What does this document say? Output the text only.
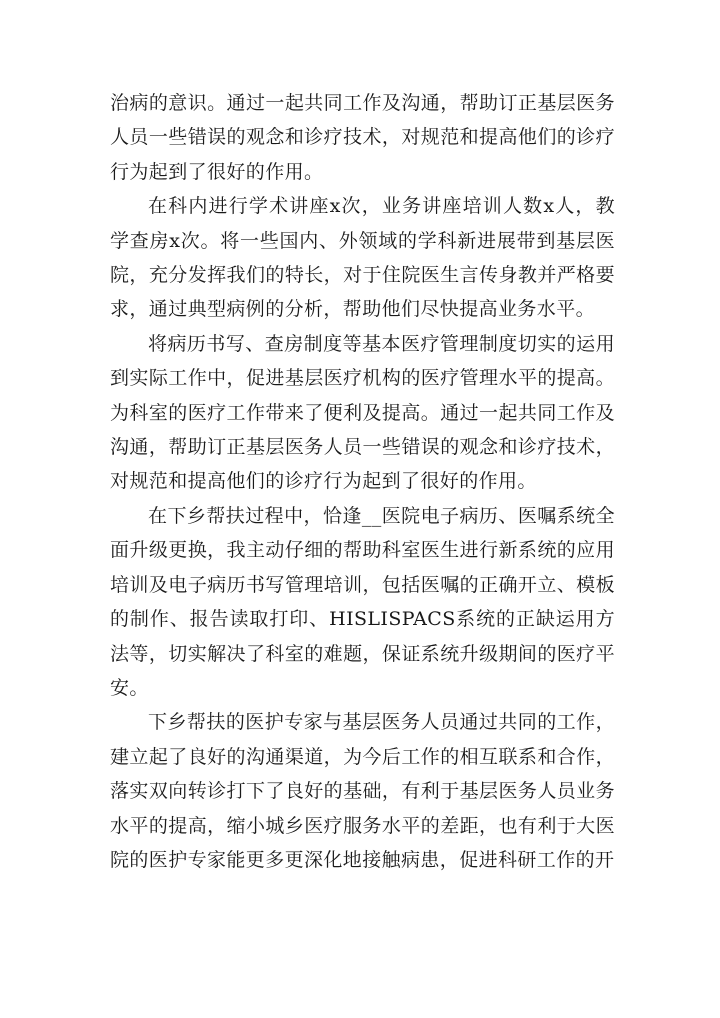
治病的意识。通过一起共同工作及沟通，帮助订正基层医务人员一些错误的观念和诊疗技术，对规范和提高他们的诊疗行为起到了很好的作用。

在科内进行学术讲座x次，业务讲座培训人数x人，教学查房x次。将一些国内、外领域的学科新进展带到基层医院，充分发挥我们的特长，对于住院医生言传身教并严格要求，通过典型病例的分析，帮助他们尽快提高业务水平。

将病历书写、查房制度等基本医疗管理制度切实的运用到实际工作中，促进基层医疗机构的医疗管理水平的提高。为科室的医疗工作带来了便利及提高。通过一起共同工作及沟通，帮助订正基层医务人员一些错误的观念和诊疗技术，对规范和提高他们的诊疗行为起到了很好的作用。

在下乡帮扶过程中，恰逢__医院电子病历、医嘱系统全面升级更换，我主动仔细的帮助科室医生进行新系统的应用培训及电子病历书写管理培训，包括医嘱的正确开立、模板的制作、报告读取打印、HISLISPACS系统的正缺运用方法等，切实解决了科室的难题，保证系统升级期间的医疗平安。

下乡帮扶的医护专家与基层医务人员通过共同的工作，建立起了良好的沟通渠道，为今后工作的相互联系和合作，落实双向转诊打下了良好的基础，有利于基层医务人员业务水平的提高，缩小城乡医疗服务水平的差距，也有利于大医院的医护专家能更多更深化地接触病患，促进科研工作的开
